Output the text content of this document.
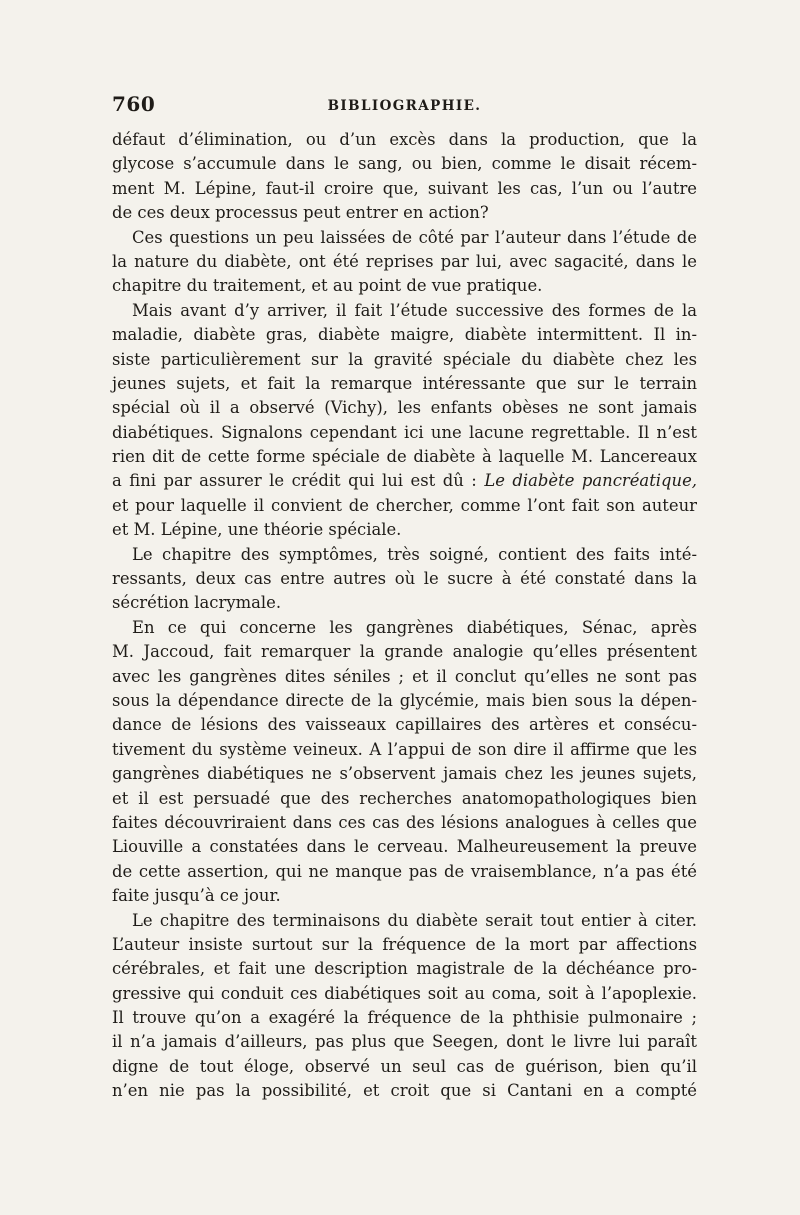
760	BIBLIOGRAPHIE.
défaut d’élimination, ou d’un excès dans la production, que la
glycose s’accumule dans le sang, ou bien, comme le disait récem-
ment M. Lépine, faut-il croire que, suivant les cas, l’un ou l’autre
de ces deux processus peut entrer en action?
Ces questions un peu laissées de côté par l’auteur dans l’étude de
la nature du diabète, ont été reprises par lui, avec sagacité, dans le
chapitre du traitement, et au point de vue pratique.
Mais avant d’y arriver, il fait l’étude successive des formes de la
maladie, diabète gras, diabète maigre, diabète intermittent. Il in-
siste particulièrement sur la gravité spéciale du diabète chez les
jeunes sujets, et fait la remarque intéressante que sur le terrain
spécial où il a observé (Vichy), les enfants obèses ne sont jamais
diabétiques. Signalons cependant ici une lacune regrettable. Il n’est
rien dit de cette forme spéciale de diabète à laquelle M. Lancereaux
a fini par assurer le crédit qui lui est dû : Le diabète pancréatique,
et pour laquelle il convient de chercher, comme l’ont fait son auteur
et M. Lépine, une théorie spéciale.
Le chapitre des symptômes, très soigné, contient des faits inté-
ressants, deux cas entre autres où le sucre à été constaté dans la
sécrétion lacrymale.
En ce qui concerne les gangrènes diabétiques, Sénac, après
M. Jaccoud, fait remarquer la grande analogie qu’elles présentent
avec les gangrènes dites séniles ; et il conclut qu’elles ne sont pas
sous la dépendance directe de la glycémie, mais bien sous la dépen-
dance de lésions des vaisseaux capillaires des artères et consécu-
tivement du système veineux. A l’appui de son dire il affirme que les
gangrènes diabétiques ne s’observent jamais chez les jeunes sujets,
et il est persuadé que des recherches anatomopathologiques bien
faites découvriraient dans ces cas des lésions analogues à celles que
Liouville a constatées dans le cerveau. Malheureusement la preuve
de cette assertion, qui ne manque pas de vraisemblance, n’a pas été
faite jusqu’à ce jour.
Le chapitre des terminaisons du diabète serait tout entier à citer.
L’auteur insiste surtout sur la fréquence de la mort par affections
cérébrales, et fait une description magistrale de la déchéance pro-
gressive qui conduit ces diabétiques soit au coma, soit à l’apoplexie.
Il trouve qu’on a exagéré la fréquence de la phthisie pulmonaire ;
il n’a jamais d’ailleurs, pas plus que Seegen, dont le livre lui paraît
digne de tout éloge, observé un seul cas de guérison, bien qu’il
n’en nie pas la possibilité, et croit que si Cantani en a compté
